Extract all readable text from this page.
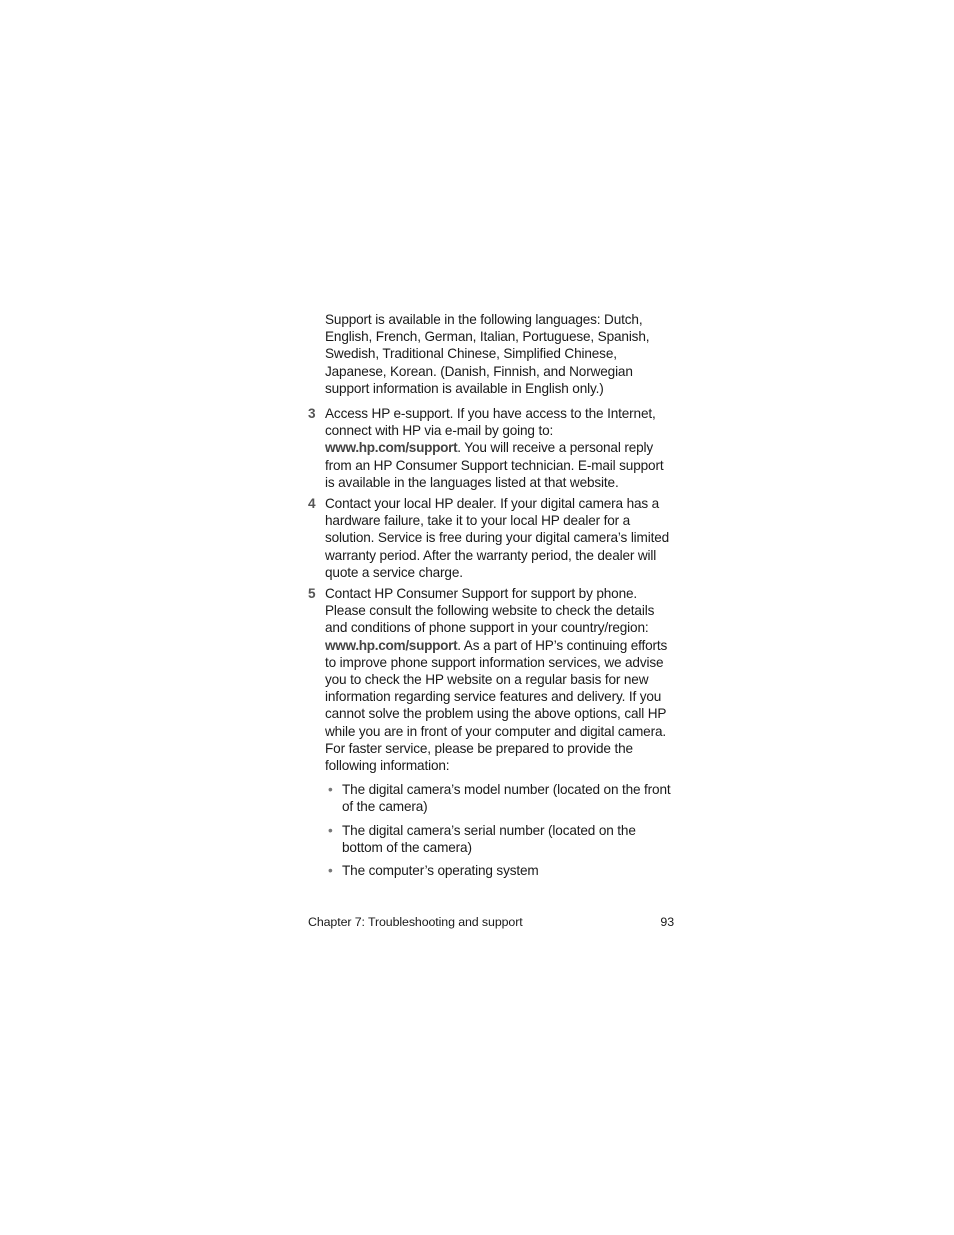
Support is available in the following languages: Dutch, English, French, German, Italian, Portuguese, Spanish, Swedish, Traditional Chinese, Simplified Chinese, Japanese, Korean. (Danish, Finnish, and Norwegian support information is available in English only.)

3 Access HP e-support. If you have access to the Internet, connect with HP via e-mail by going to: www.hp.com/support. You will receive a personal reply from an HP Consumer Support technician. E-mail support is available in the languages listed at that website.
4 Contact your local HP dealer. If your digital camera has a hardware failure, take it to your local HP dealer for a solution. Service is free during your digital camera’s limited warranty period. After the warranty period, the dealer will quote a service charge.
5 Contact HP Consumer Support for support by phone. Please consult the following website to check the details and conditions of phone support in your country/region: www.hp.com/support. As a part of HP’s continuing efforts to improve phone support information services, we advise you to check the HP website on a regular basis for new information regarding service features and delivery. If you cannot solve the problem using the above options, call HP while you are in front of your computer and digital camera. For faster service, please be prepared to provide the following information:
• The digital camera’s model number (located on the front of the camera)
• The digital camera’s serial number (located on the bottom of the camera)
• The computer’s operating system
Chapter 7: Troubleshooting and support	93
